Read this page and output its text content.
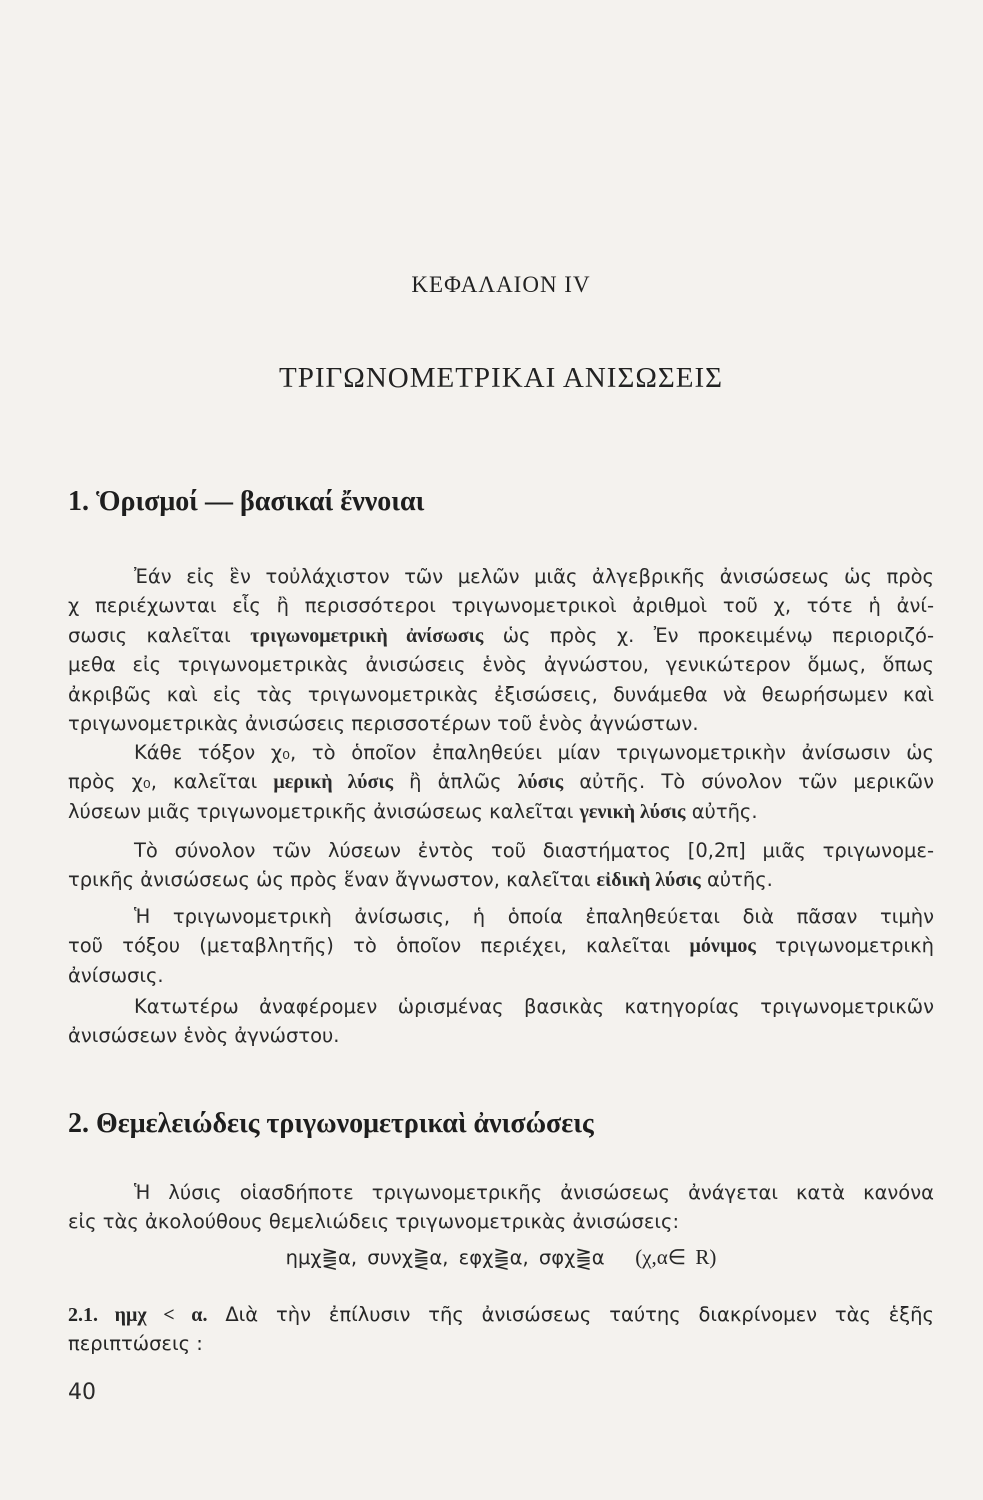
ΚΕΦΑΛΑΙΟΝ IV
ΤΡΙΓΩΝΟΜΕΤΡΙΚΑΙ ΑΝΙΣΩΣΕΙΣ
1. Ὁρισμοί — βασικαί ἔννοιαι
Ἐάν εἰς ἓν τοὐλάχιστον τῶν μελῶν μιᾶς ἀλγεβρικῆς ἀνισώσεως ὡς πρὸς
χ περιέχωνται εἷς ἢ περισσότεροι τριγωνομετρικοὶ ἀριθμοὶ τοῦ χ, τότε ἡ ἀνί-
σωσις καλεῖται τριγωνομετρικὴ ἀνίσωσις ὡς πρὸς χ. Ἐν προκειμένῳ περιοριζό-
μεθα εἰς τριγωνομετρικὰς ἀνισώσεις ἑνὸς ἀγνώστου, γενικώτερον ὅμως, ὅπως
ἀκριβῶς καὶ εἰς τὰς τριγωνομετρικὰς ἐξισώσεις, δυνάμεθα νὰ θεωρήσωμεν καὶ
τριγωνομετρικὰς ἀνισώσεις περισσοτέρων τοῦ ἑνὸς ἀγνώστων.
Κάθε τόξον χ₀, τὸ ὁποῖον ἐπαληθεύει μίαν τριγωνομετρικὴν ἀνίσωσιν ὡς
πρὸς χ₀, καλεῖται μερικὴ λύσις ἢ ἁπλῶς λύσις αὐτῆς. Τὸ σύνολον τῶν μερικῶν
λύσεων μιᾶς τριγωνομετρικῆς ἀνισώσεως καλεῖται γενικὴ λύσις αὐτῆς.
Τὸ σύνολον τῶν λύσεων ἐντὸς τοῦ διαστήματος [0,2π] μιᾶς τριγωνομε-
τρικῆς ἀνισώσεως ὡς πρὸς ἕναν ἄγνωστον, καλεῖται εἰδικὴ λύσις αὐτῆς.
Ἡ τριγωνομετρικὴ ἀνίσωσις, ἡ ὁποία ἐπαληθεύεται διὰ πᾶσαν τιμὴν
τοῦ τόξου (μεταβλητῆς) τὸ ὁποῖον περιέχει, καλεῖται μόνιμος τριγωνομετρικὴ
ἀνίσωσις.
Κατωτέρω ἀναφέρομεν ὡρισμένας βασικὰς κατηγορίας τριγωνομετρικῶν
ἀνισώσεων ἑνὸς ἀγνώστου.
2. Θεμελειώδεις τριγωνομετρικαὶ ἀνισώσεις
Ἡ λύσις οἱασδήποτε τριγωνομετρικῆς ἀνισώσεως ἀνάγεται κατὰ κανόνα
εἰς τὰς ἀκολούθους θεμελιώδεις τριγωνομετρικὰς ἀνισώσεις:
ημχ⪌α, συνχ⪌α, εφχ⪌α, σφχ⪌α (χ,α∈ R)
2.1. ημχ < α. Διὰ τὴν ἐπίλυσιν τῆς ἀνισώσεως ταύτης διακρίνομεν τὰς ἑξῆς
περιπτώσεις :
40
